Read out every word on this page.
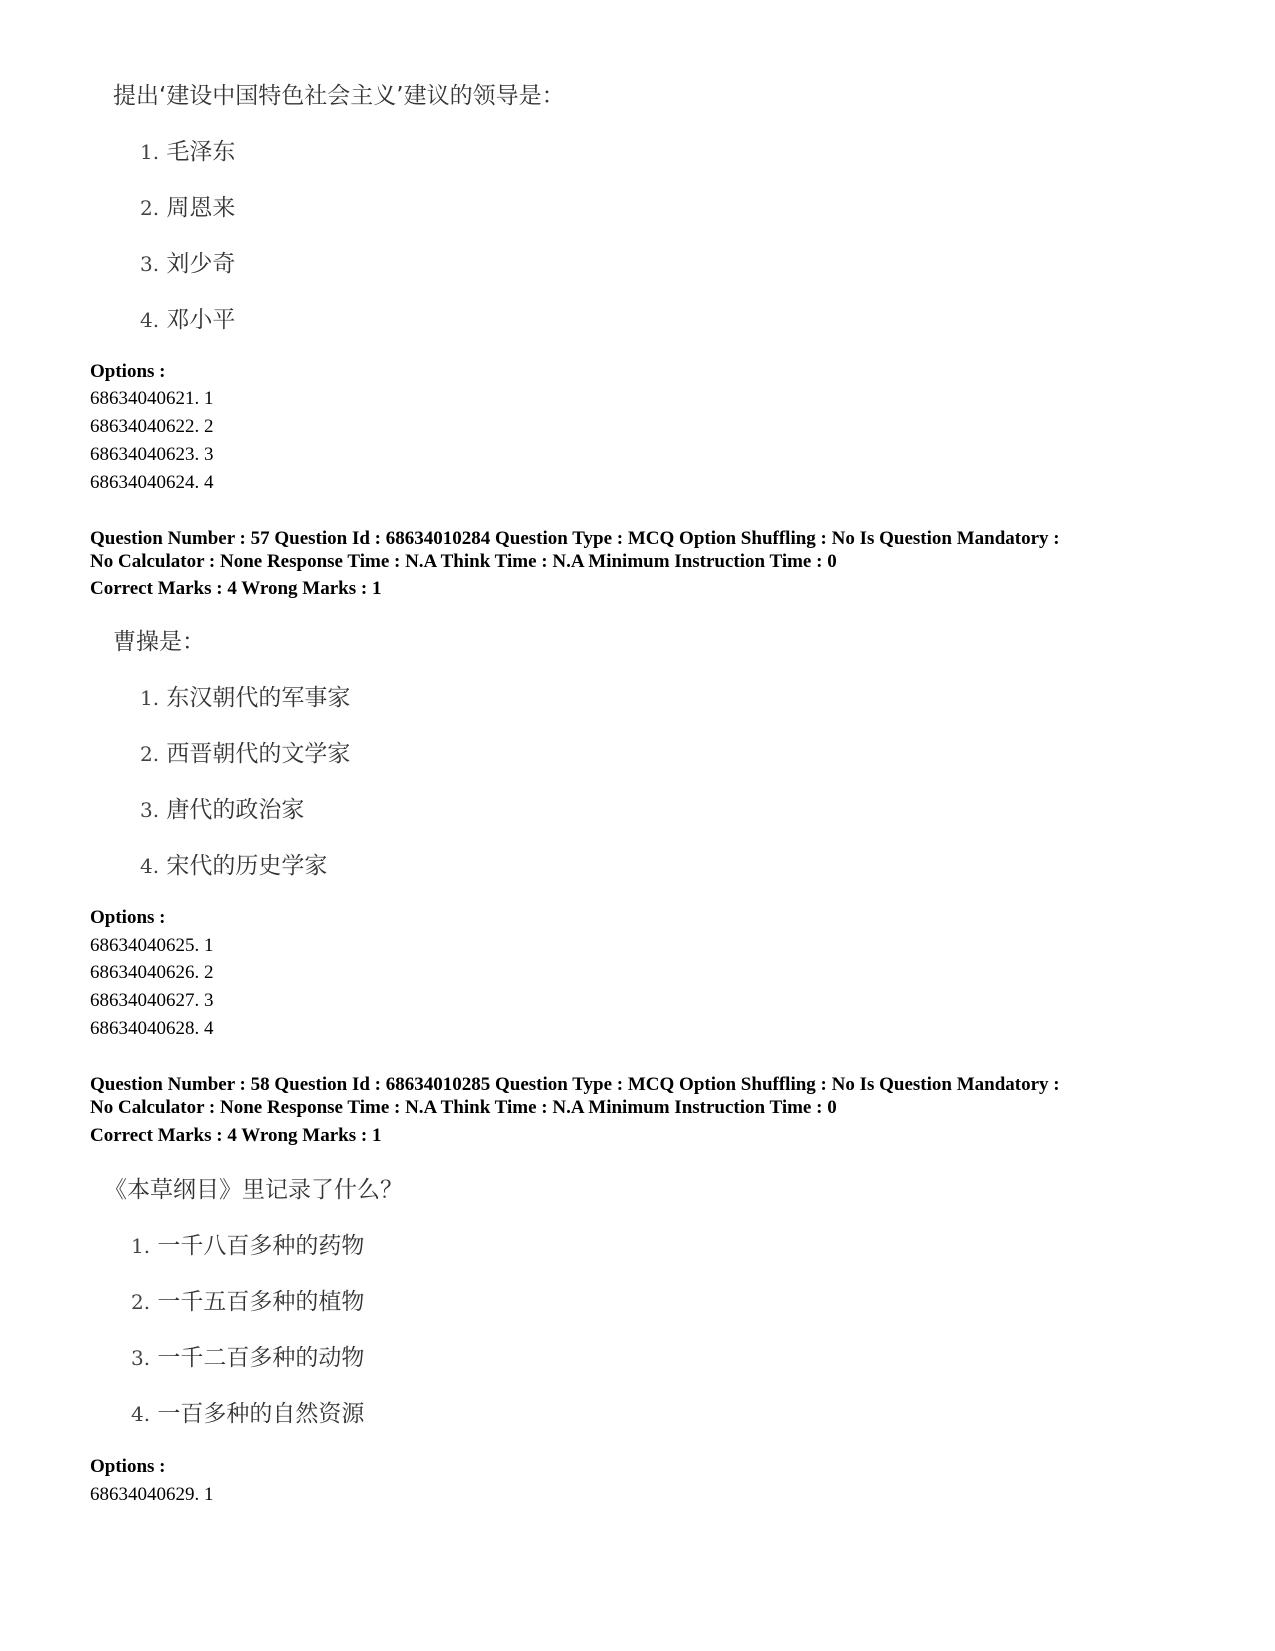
提出‘建设中国特色社会主义’建议的领导是：
1. 毛泽东
2. 周恩来
3. 刘少奇
4. 邓小平
Options :
68634040621. 1
68634040622. 2
68634040623. 3
68634040624. 4
Question Number : 57 Question Id : 68634010284 Question Type : MCQ Option Shuffling : No Is Question Mandatory :
No Calculator : None Response Time : N.A Think Time : N.A Minimum Instruction Time : 0
Correct Marks : 4 Wrong Marks : 1
曹操是：
1. 东汉朝代的军事家
2. 西晋朝代的文学家
3. 唐代的政治家
4. 宋代的历史学家
Options :
68634040625. 1
68634040626. 2
68634040627. 3
68634040628. 4
Question Number : 58 Question Id : 68634010285 Question Type : MCQ Option Shuffling : No Is Question Mandatory :
No Calculator : None Response Time : N.A Think Time : N.A Minimum Instruction Time : 0
Correct Marks : 4 Wrong Marks : 1
《本草纲目》里记录了什么？
1. 一千八百多种的药物
2. 一千五百多种的植物
3. 一千二百多种的动物
4. 一百多种的自然资源
Options :
68634040629. 1
